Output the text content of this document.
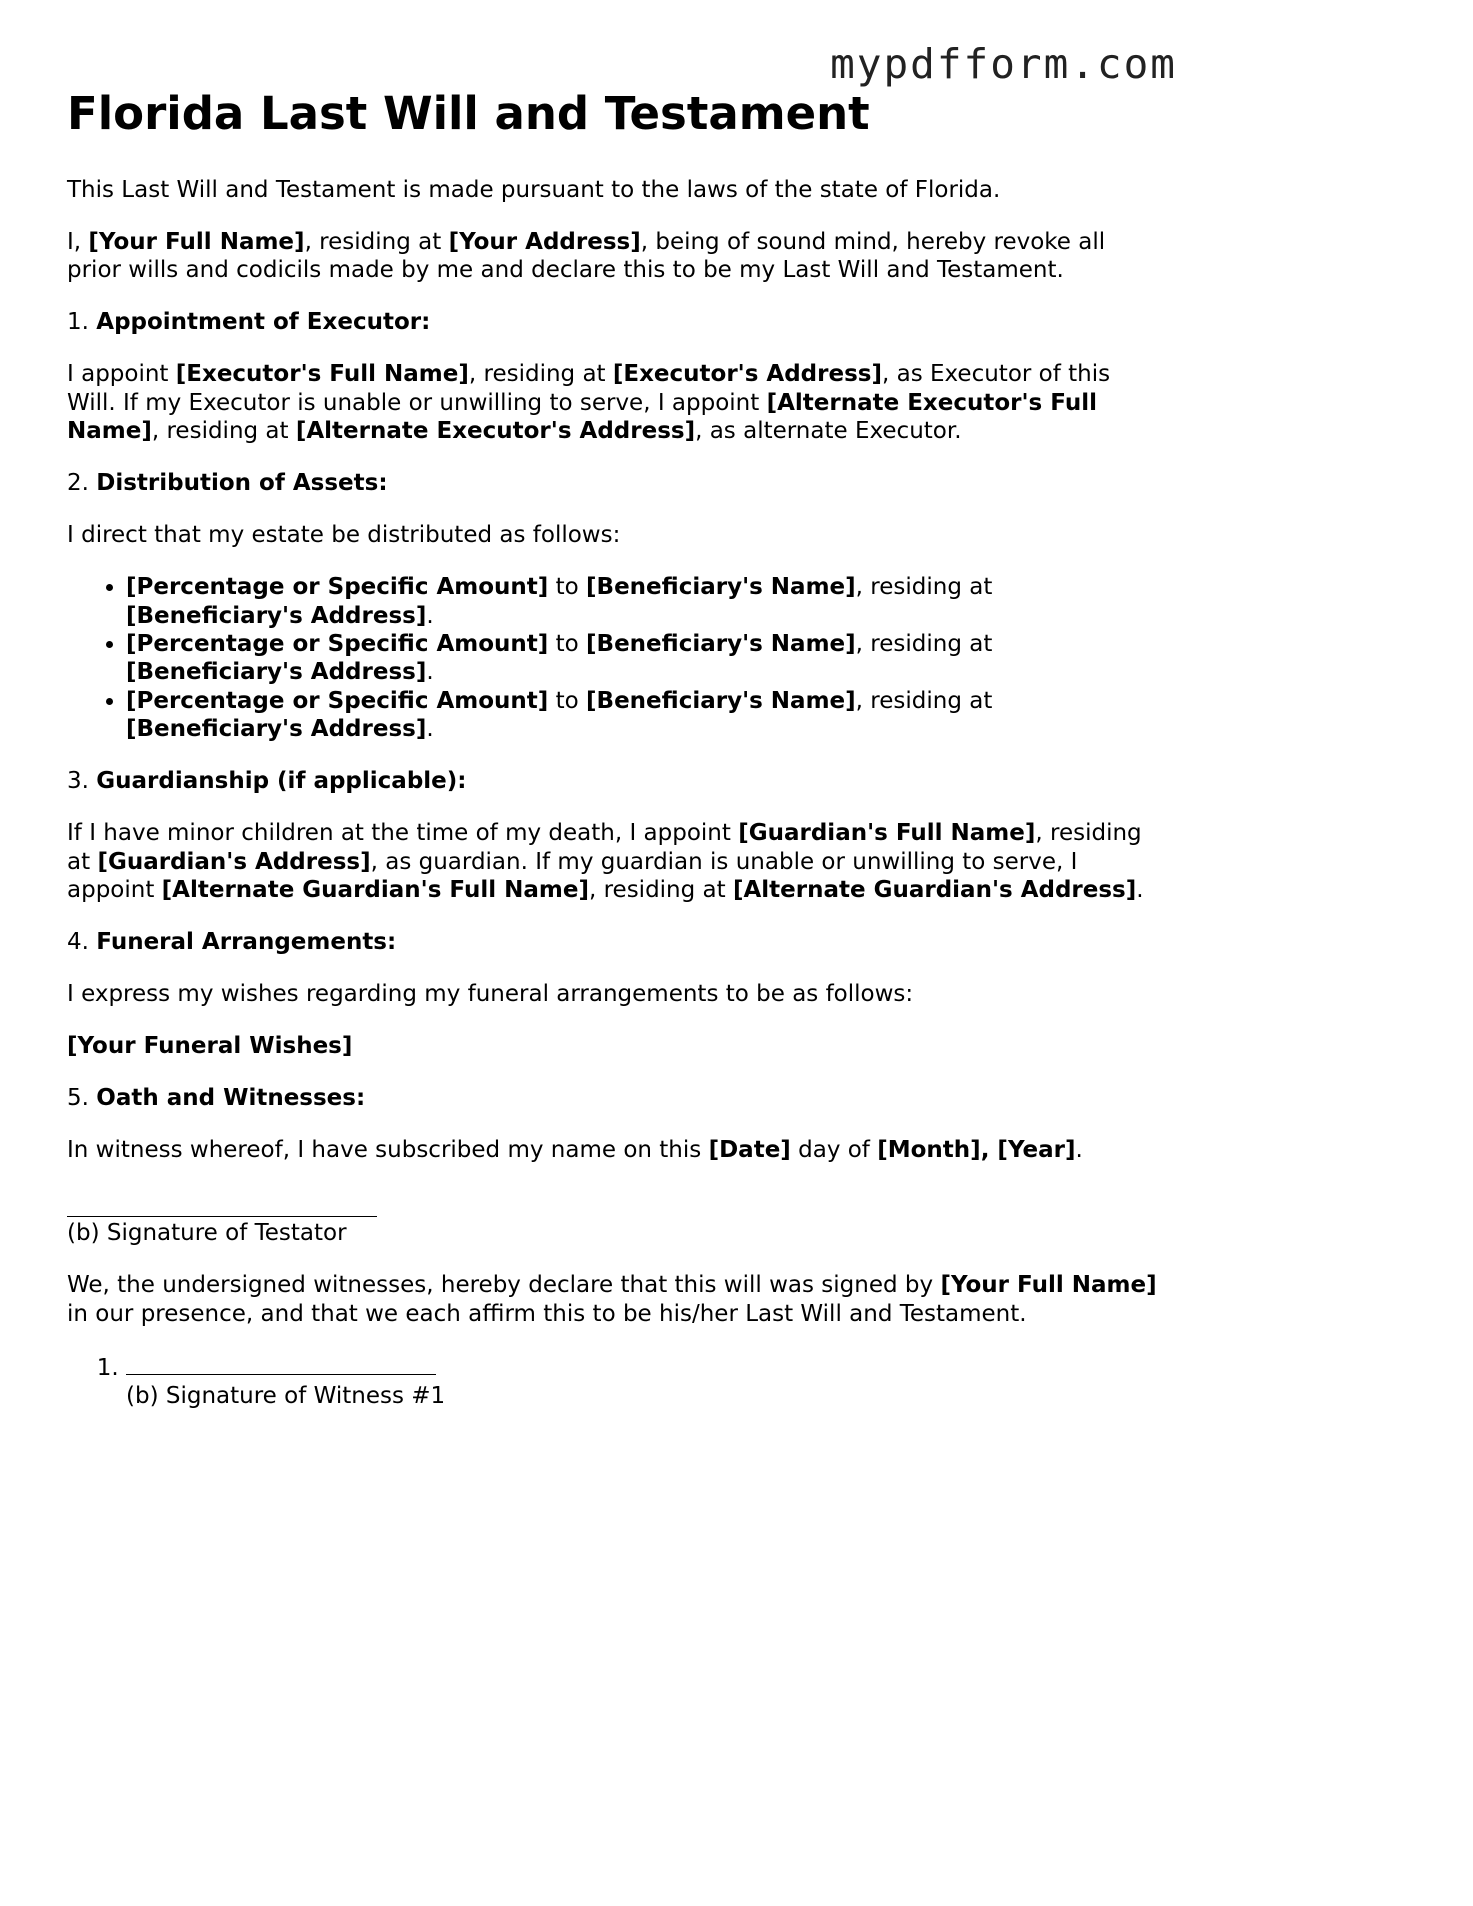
mypdfform.com
Florida Last Will and Testament

This Last Will and Testament is made pursuant to the laws of the state of Florida.

I, [Your Full Name], residing at [Your Address], being of sound mind, hereby revoke all prior wills and codicils made by me and declare this to be my Last Will and Testament.

1. Appointment of Executor:

I appoint [Executor's Full Name], residing at [Executor's Address], as Executor of this Will. If my Executor is unable or unwilling to serve, I appoint [Alternate Executor's Full Name], residing at [Alternate Executor's Address], as alternate Executor.

2. Distribution of Assets:

I direct that my estate be distributed as follows:

• [Percentage or Specific Amount] to [Beneficiary's Name], residing at [Beneficiary's Address].
• [Percentage or Specific Amount] to [Beneficiary's Name], residing at [Beneficiary's Address].
• [Percentage or Specific Amount] to [Beneficiary's Name], residing at [Beneficiary's Address].

3. Guardianship (if applicable):

If I have minor children at the time of my death, I appoint [Guardian's Full Name], residing at [Guardian's Address], as guardian. If my guardian is unable or unwilling to serve, I appoint [Alternate Guardian's Full Name], residing at [Alternate Guardian's Address].

4. Funeral Arrangements:

I express my wishes regarding my funeral arrangements to be as follows:

[Your Funeral Wishes]

5. Oath and Witnesses:

In witness whereof, I have subscribed my name on this [Date] day of [Month], [Year].

(b) Signature of Testator

We, the undersigned witnesses, hereby declare that this will was signed by [Your Full Name] in our presence, and that we each affirm this to be his/her Last Will and Testament.

1. (b) Signature of Witness #1
